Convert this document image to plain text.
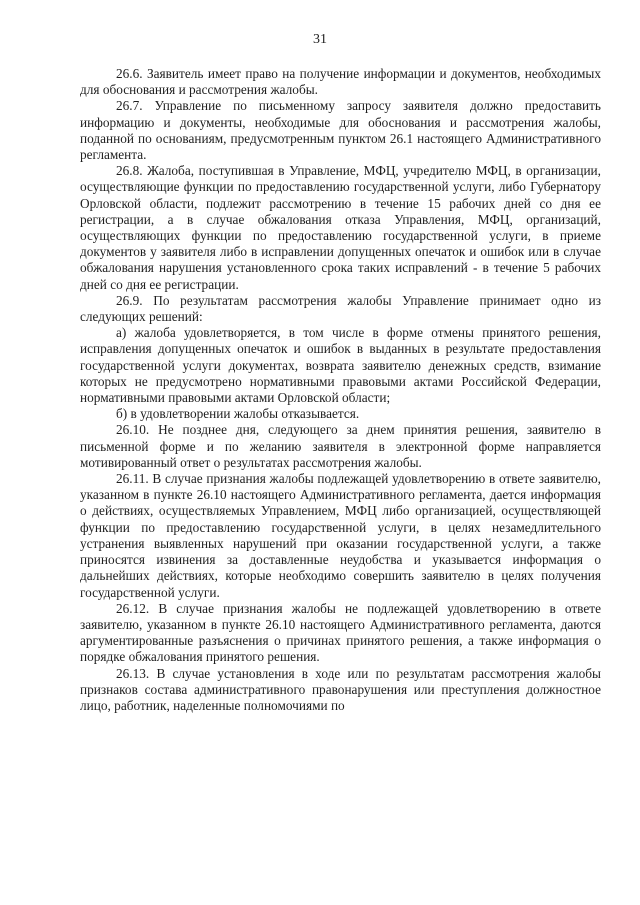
31

26.6. Заявитель имеет право на получение информации и документов, необходимых для обоснования и рассмотрения жалобы.

26.7. Управление по письменному запросу заявителя должно предоставить информацию и документы, необходимые для обоснования и рассмотрения жалобы, поданной по основаниям, предусмотренным пунктом 26.1 настоящего Административного регламента.

26.8. Жалоба, поступившая в Управление, МФЦ, учредителю МФЦ, в организации, осуществляющие функции по предоставлению государственной услуги, либо Губернатору Орловской области, подлежит рассмотрению в течение 15 рабочих дней со дня ее регистрации, а в случае обжалования отказа Управления, МФЦ, организаций, осуществляющих функции по предоставлению государственной услуги, в приеме документов у заявителя либо в исправлении допущенных опечаток и ошибок или в случае обжалования нарушения установленного срока таких исправлений - в течение 5 рабочих дней со дня ее регистрации.

26.9. По результатам рассмотрения жалобы Управление принимает одно из следующих решений:

а) жалоба удовлетворяется, в том числе в форме отмены принятого решения, исправления допущенных опечаток и ошибок в выданных в результате предоставления государственной услуги документах, возврата заявителю денежных средств, взимание которых не предусмотрено нормативными правовыми актами Российской Федерации, нормативными правовыми актами Орловской области;

б) в удовлетворении жалобы отказывается.

26.10. Не позднее дня, следующего за днем принятия решения, заявителю в письменной форме и по желанию заявителя в электронной форме направляется мотивированный ответ о результатах рассмотрения жалобы.

26.11. В случае признания жалобы подлежащей удовлетворению в ответе заявителю, указанном в пункте 26.10 настоящего Административного регламента, дается информация о действиях, осуществляемых Управлением, МФЦ либо организацией, осуществляющей функции по предоставлению государственной услуги, в целях незамедлительного устранения выявленных нарушений при оказании государственной услуги, а также приносятся извинения за доставленные неудобства и указывается информация о дальнейших действиях, которые необходимо совершить заявителю в целях получения государственной услуги.

26.12. В случае признания жалобы не подлежащей удовлетворению в ответе заявителю, указанном в пункте 26.10 настоящего Административного регламента, даются аргументированные разъяснения о причинах принятого решения, а также информация о порядке обжалования принятого решения.

26.13. В случае установления в ходе или по результатам рассмотрения жалобы признаков состава административного правонарушения или преступления должностное лицо, работник, наделенные полномочиями по
